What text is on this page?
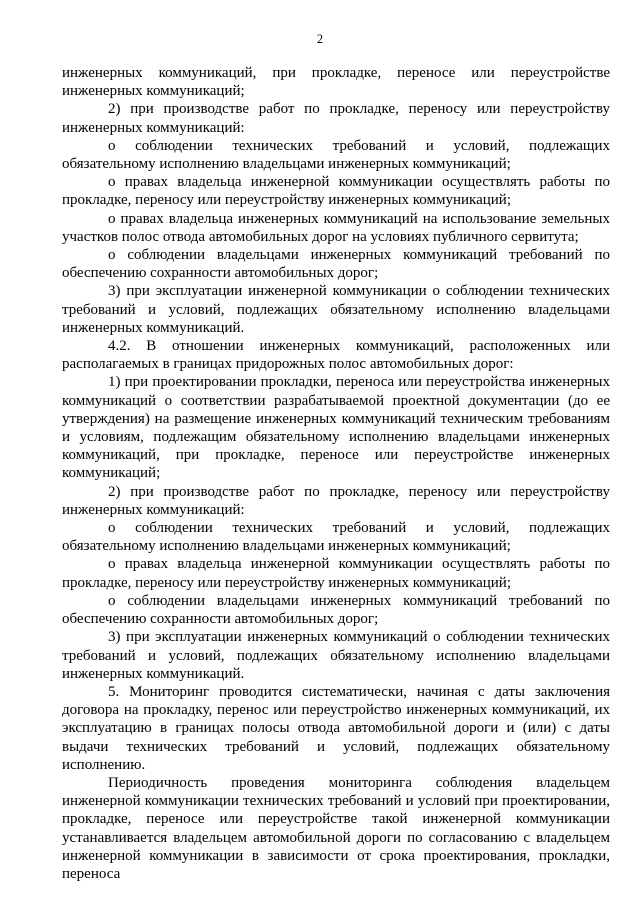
2

инженерных коммуникаций, при прокладке, переносе или переустройстве инженерных коммуникаций;

2) при производстве работ по прокладке, переносу или переустройству инженерных коммуникаций:

о соблюдении технических требований и условий, подлежащих обязательному исполнению владельцами инженерных коммуникаций;

о правах владельца инженерной коммуникации осуществлять работы по прокладке, переносу или переустройству инженерных коммуникаций;

о правах владельца инженерных коммуникаций на использование земельных участков полос отвода автомобильных дорог на условиях публичного сервитута;

о соблюдении владельцами инженерных коммуникаций требований по обеспечению сохранности автомобильных дорог;

3) при эксплуатации инженерной коммуникации о соблюдении технических требований и условий, подлежащих обязательному исполнению владельцами инженерных коммуникаций.

4.2. В отношении инженерных коммуникаций, расположенных или располагаемых в границах придорожных полос автомобильных дорог:

1) при проектировании прокладки, переноса или переустройства инженерных коммуникаций о соответствии разрабатываемой проектной документации (до ее утверждения) на размещение инженерных коммуникаций техническим требованиям и условиям, подлежащим обязательному исполнению владельцами инженерных коммуникаций, при прокладке, переносе или переустройстве инженерных коммуникаций;

2) при производстве работ по прокладке, переносу или переустройству инженерных коммуникаций:

о соблюдении технических требований и условий, подлежащих обязательному исполнению владельцами инженерных коммуникаций;

о правах владельца инженерной коммуникации осуществлять работы по прокладке, переносу или переустройству инженерных коммуникаций;

о соблюдении владельцами инженерных коммуникаций требований по обеспечению сохранности автомобильных дорог;

3) при эксплуатации инженерных коммуникаций о соблюдении технических требований и условий, подлежащих обязательному исполнению владельцами инженерных коммуникаций.

5. Мониторинг проводится систематически, начиная с даты заключения договора на прокладку, перенос или переустройство инженерных коммуникаций, их эксплуатацию в границах полосы отвода автомобильной дороги и (или) с даты выдачи технических требований и условий, подлежащих обязательному исполнению.

Периодичность проведения мониторинга соблюдения владельцем инженерной коммуникации технических требований и условий при проектировании, прокладке, переносе или переустройстве такой инженерной коммуникации устанавливается владельцем автомобильной дороги по согласованию с владельцем инженерной коммуникации в зависимости от срока проектирования, прокладки, переноса
